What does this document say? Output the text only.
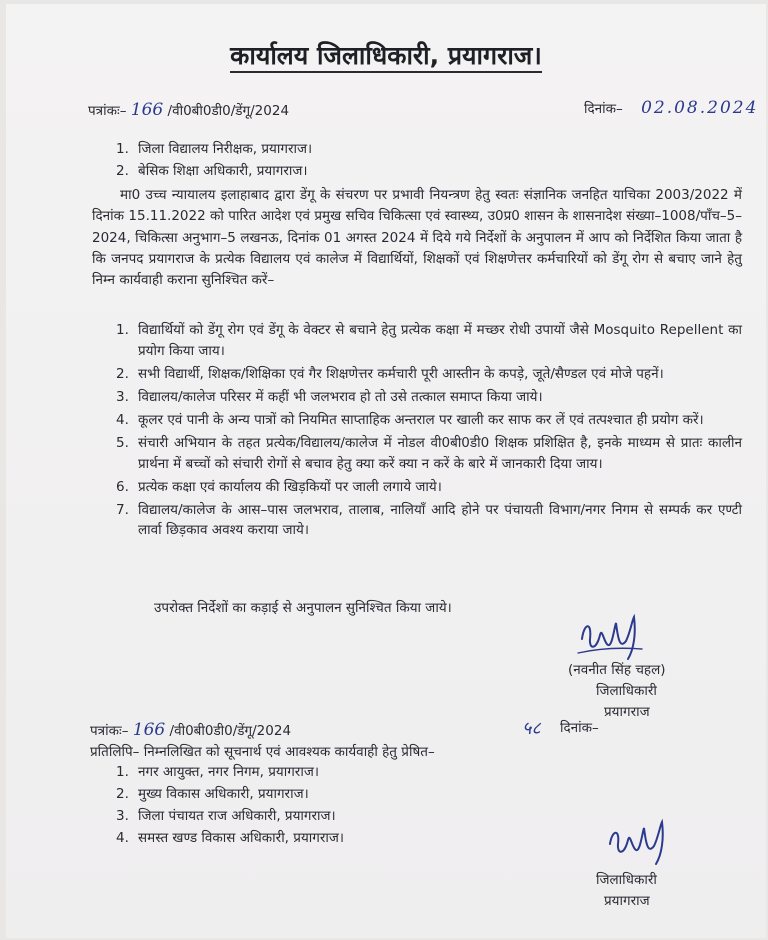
कार्यालय जिलाधिकारी, प्रयागराज।
पत्रांकः– 166 /वी0बी0डी0/डेंगू/2024	दिनांक– 02.08.2024
1. जिला विद्यालय निरीक्षक, प्रयागराज।
2. बेसिक शिक्षा अधिकारी, प्रयागराज।
मा0 उच्च न्यायालय इलाहाबाद द्वारा डेंगू के संचरण पर प्रभावी नियन्त्रण हेतु स्वतः संज्ञानिक जनहित याचिका 2003/2022 में दिनांक 15.11.2022 को पारित आदेश एवं प्रमुख सचिव चिकित्सा एवं स्वास्थ्य, उ0प्र0 शासन के शासनादेश संख्या–1008/पाँच–5–2024, चिकित्सा अनुभाग–5 लखनऊ, दिनांक 01 अगस्त 2024 में दिये गये निर्देशों के अनुपालन में आप को निर्देशित किया जाता है कि जनपद प्रयागराज के प्रत्येक विद्यालय एवं कालेज में विद्यार्थियों, शिक्षकों एवं शिक्षणेत्तर कर्मचारियों को डेंगू रोग से बचाए जाने हेतु निम्न कार्यवाही कराना सुनिश्चित करें–
1. विद्यार्थियों को डेंगू रोग एवं डेंगू के वेक्टर से बचाने हेतु प्रत्येक कक्षा में मच्छर रोधी उपायों जैसे Mosquito Repellent का प्रयोग किया जाय।
2. सभी विद्यार्थी, शिक्षक/शिक्षिका एवं गैर शिक्षणेत्तर कर्मचारी पूरी आस्तीन के कपड़े, जूते/सैण्डल एवं मोजे पहनें।
3. विद्यालय/कालेज परिसर में कहीं भी जलभराव हो तो उसे तत्काल समाप्त किया जाये।
4. कूलर एवं पानी के अन्य पात्रों को नियमित साप्ताहिक अन्तराल पर खाली कर साफ कर लें एवं तत्पश्चात ही प्रयोग करें।
5. संचारी अभियान के तहत प्रत्येक/विद्यालय/कालेज में नोडल वी0बी0डी0 शिक्षक प्रशिक्षित है, इनके माध्यम से प्रातः कालीन प्रार्थना में बच्चों को संचारी रोगों से बचाव हेतु क्या करें क्या न करें के बारे में जानकारी दिया जाय।
6. प्रत्येक कक्षा एवं कार्यालय की खिड़कियों पर जाली लगाये जाये।
7. विद्यालय/कालेज के आस–पास जलभराव, तालाब, नालियाँ आदि होने पर पंचायती विभाग/नगर निगम से सम्पर्क कर एण्टी लार्वा छिड़काव अवश्य कराया जाये।
उपरोक्त निर्देशों का कड़ाई से अनुपालन सुनिश्चित किया जाये।
(नवनीत सिंह चहल)
जिलाधिकारी
प्रयागराज
पत्रांकः– 166 /वी0बी0डी0/डेंगू/2024	५८ दिनांक–
प्रतिलिपि– निम्नलिखित को सूचनार्थ एवं आवश्यक कार्यवाही हेतु प्रेषित–
1. नगर आयुक्त, नगर निगम, प्रयागराज।
2. मुख्य विकास अधिकारी, प्रयागराज।
3. जिला पंचायत राज अधिकारी, प्रयागराज।
4. समस्त खण्ड विकास अधिकारी, प्रयागराज।
जिलाधिकारी
प्रयागराज
